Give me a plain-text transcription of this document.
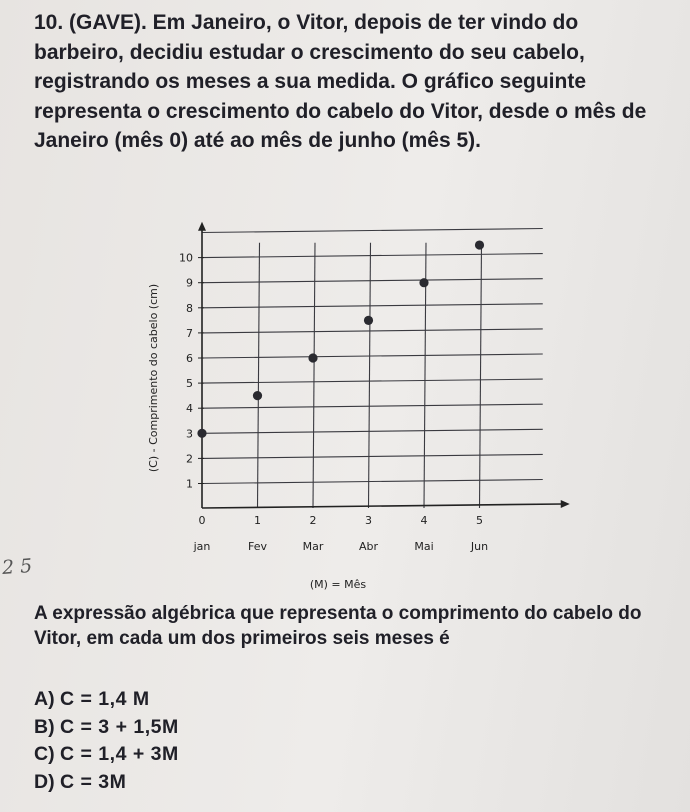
10. (GAVE). Em Janeiro, o Vitor, depois de ter vindo do barbeiro, decidiu estudar o crescimento do seu cabelo, registrando os meses a sua medida. O gráfico seguinte representa o crescimento do cabelo do Vitor, desde o mês de Janeiro (mês 0) até ao mês de junho (mês 5).

1
2
3
4
5
6
7
8
9
10
0	1	2	3	4	5
jan	Fev	Mar	Abr	Mai	Jun
(C) - Comprimento do cabelo (cm)
(M) = Mês
2 5

A expressão algébrica que representa o comprimento do cabelo do Vitor, em cada um dos primeiros seis meses é

A) C = 1,4 M
B) C = 3 + 1,5M
C) C = 1,4 + 3M
D) C = 3M
